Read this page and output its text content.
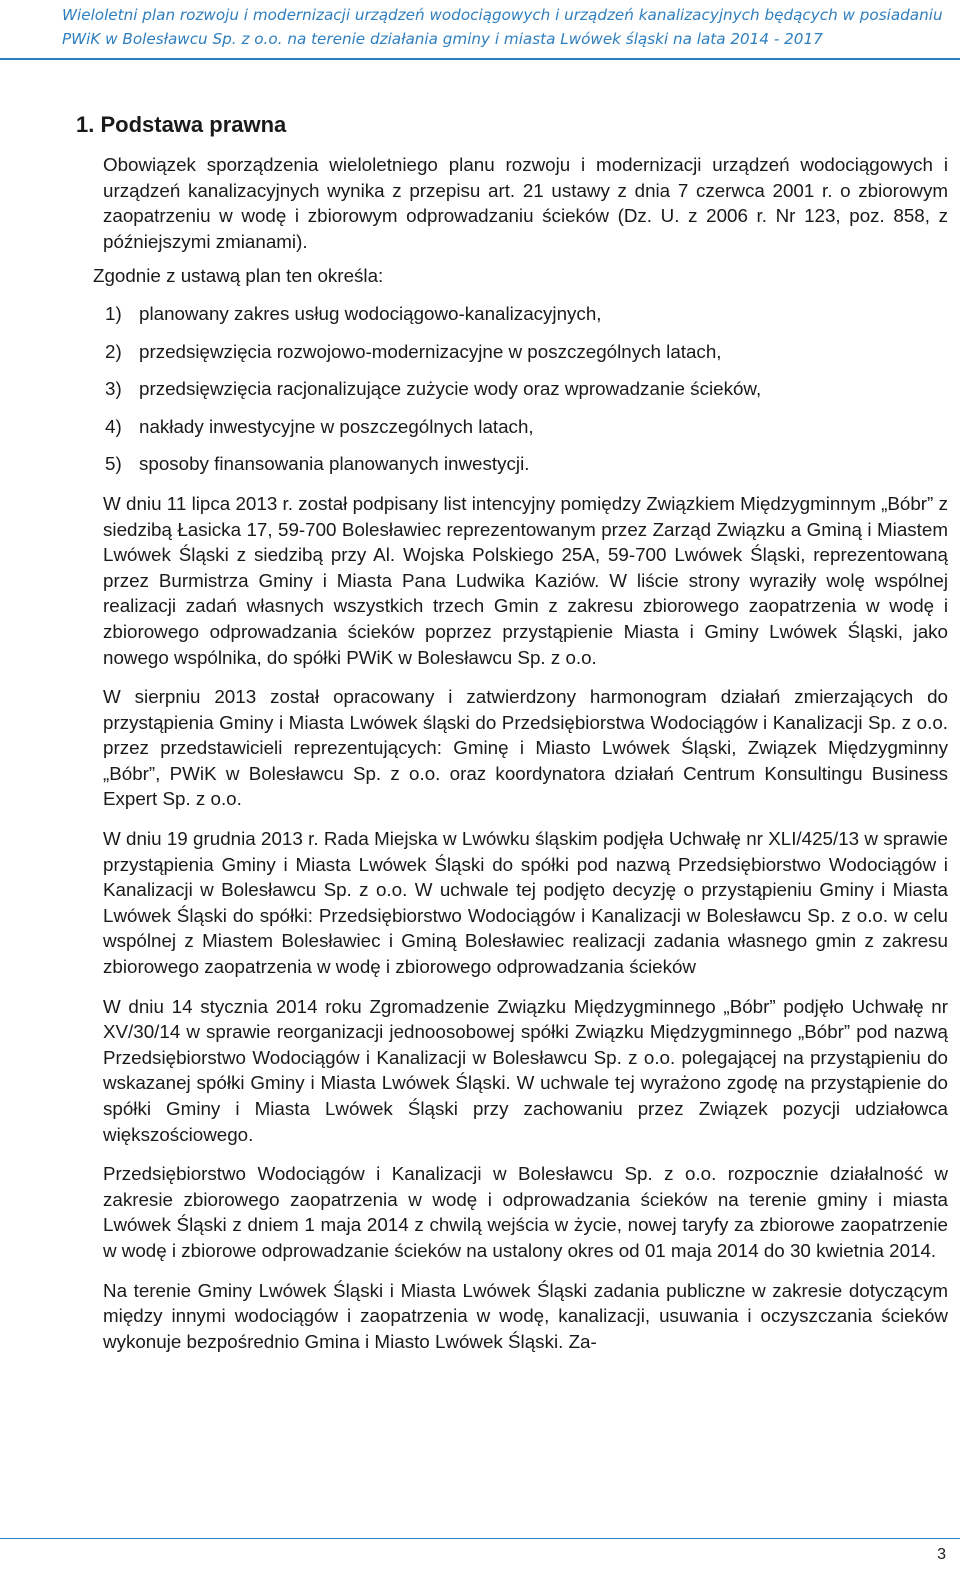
Wieloletni plan rozwoju i modernizacji urządzeń wodociągowych i urządzeń kanalizacyjnych będących w posiadaniu
PWiK w Bolesławcu Sp. z o.o. na terenie działania gminy i miasta Lwówek śląski na lata 2014 - 2017
1. Podstawa prawna

Obowiązek sporządzenia wieloletniego planu rozwoju i modernizacji urządzeń wodociągowych i urządzeń kanalizacyjnych wynika z przepisu art. 21 ustawy z dnia 7 czerwca 2001 r. o zbiorowym zaopatrzeniu w wodę i zbiorowym odprowadzaniu ścieków (Dz. U. z 2006 r. Nr 123, poz. 858, z późniejszymi zmianami).

Zgodnie z ustawą plan ten określa:

1) planowany zakres usług wodociągowo-kanalizacyjnych,
2) przedsięwzięcia rozwojowo-modernizacyjne w poszczególnych latach,
3) przedsięwzięcia racjonalizujące zużycie wody oraz wprowadzanie ścieków,
4) nakłady inwestycyjne w poszczególnych latach,
5) sposoby finansowania planowanych inwestycji.

W dniu 11 lipca 2013 r. został podpisany list intencyjny pomiędzy Związkiem Międzygminnym „Bóbr” z siedzibą Łasicka 17, 59-700 Bolesławiec reprezentowanym przez Zarząd Związku a Gminą i Miastem Lwówek Śląski z siedzibą przy Al. Wojska Polskiego 25A, 59-700 Lwówek Śląski, reprezentowaną przez Burmistrza Gminy i Miasta Pana Ludwika Kaziów. W liście strony wyraziły wolę wspólnej realizacji zadań własnych wszystkich trzech Gmin z zakresu zbiorowego zaopatrzenia w wodę i zbiorowego odprowadzania ścieków poprzez przystąpienie Miasta i Gminy Lwówek Śląski, jako nowego wspólnika, do spółki PWiK w Bolesławcu Sp. z o.o.

W sierpniu 2013 został opracowany i zatwierdzony harmonogram działań zmierzających do przystąpienia Gminy i Miasta Lwówek śląski do Przedsiębiorstwa Wodociągów i Kanalizacji Sp. z o.o. przez przedstawicieli reprezentujących: Gminę i Miasto Lwówek Śląski, Związek Międzygminny „Bóbr”, PWiK w Bolesławcu Sp. z o.o. oraz koordynatora działań Centrum Konsultingu Business Expert Sp. z o.o.

W dniu 19 grudnia 2013 r. Rada Miejska w Lwówku śląskim podjęła Uchwałę nr XLI/425/13 w sprawie przystąpienia Gminy i Miasta Lwówek Śląski do spółki pod nazwą Przedsiębiorstwo Wodociągów i Kanalizacji w Bolesławcu Sp. z o.o. W uchwale tej podjęto decyzję o przystąpieniu Gminy i Miasta Lwówek Śląski do spółki: Przedsiębiorstwo Wodociągów i Kanalizacji w Bolesławcu Sp. z o.o. w celu wspólnej z Miastem Bolesławiec i Gminą Bolesławiec realizacji zadania własnego gmin z zakresu zbiorowego zaopatrzenia w wodę i zbiorowego odprowadzania ścieków

W dniu 14 stycznia 2014 roku Zgromadzenie Związku Międzygminnego „Bóbr” podjęło Uchwałę nr XV/30/14 w sprawie reorganizacji jednoosobowej spółki Związku Międzygminnego „Bóbr” pod nazwą Przedsiębiorstwo Wodociągów i Kanalizacji w Bolesławcu Sp. z o.o. polegającej na przystąpieniu do wskazanej spółki Gminy i Miasta Lwówek Śląski. W uchwale tej wyrażono zgodę na przystąpienie do spółki Gminy i Miasta Lwówek Śląski przy zachowaniu przez Związek pozycji udziałowca większościowego.

Przedsiębiorstwo Wodociągów i Kanalizacji w Bolesławcu Sp. z o.o. rozpocznie działalność w zakresie zbiorowego zaopatrzenia w wodę i odprowadzania ścieków na terenie gminy i miasta Lwówek Śląski z dniem 1 maja 2014 z chwilą wejścia w życie, nowej taryfy za zbiorowe zaopatrzenie w wodę i zbiorowe odprowadzanie ścieków na ustalony okres od 01 maja 2014 do 30 kwietnia 2014.

Na terenie Gminy Lwówek Śląski i Miasta Lwówek Śląski zadania publiczne w zakresie dotyczącym między innymi wodociągów i zaopatrzenia w wodę, kanalizacji, usuwania i oczyszczania ścieków wykonuje bezpośrednio Gmina i Miasto Lwówek Śląski. Za-

3
